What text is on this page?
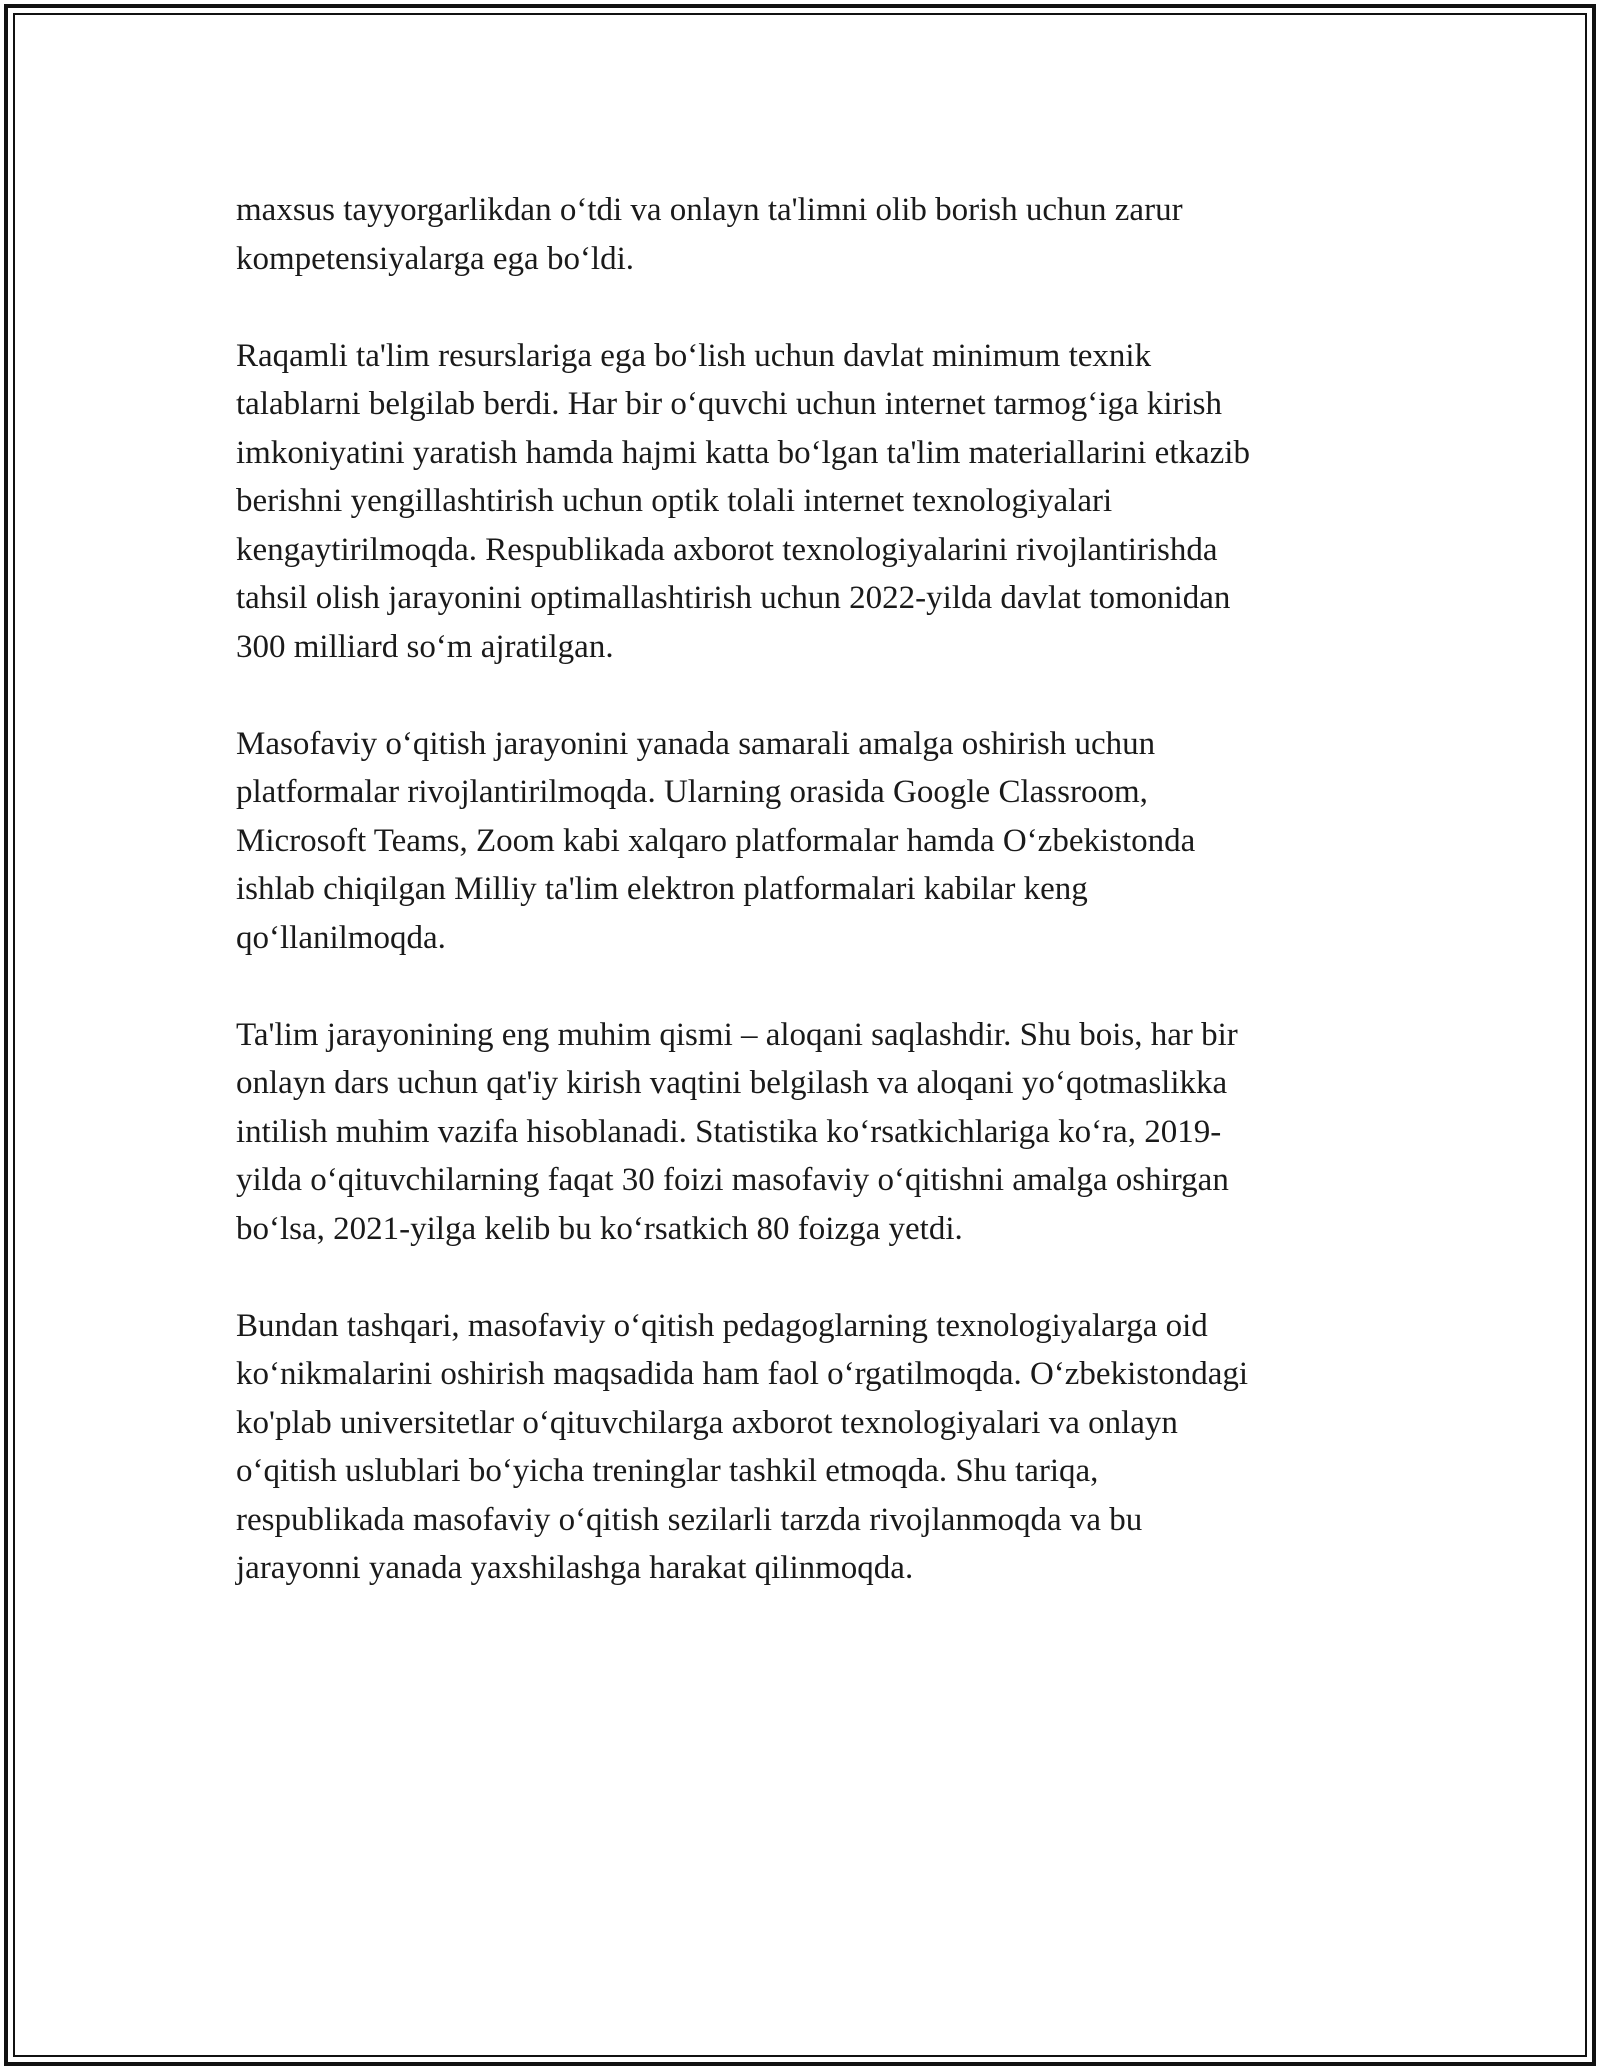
maxsus tayyorgarlikdan o‘tdi va onlayn ta'limni olib borish uchun zarur
kompetensiyalarga ega bo‘ldi.

Raqamli ta'lim resurslariga ega bo‘lish uchun davlat minimum texnik
talablarni belgilab berdi. Har bir o‘quvchi uchun internet tarmog‘iga kirish
imkoniyatini yaratish hamda hajmi katta bo‘lgan ta'lim materiallarini etkazib
berishni yengillashtirish uchun optik tolali internet texnologiyalari
kengaytirilmoqda. Respublikada axborot texnologiyalarini rivojlantirishda
tahsil olish jarayonini optimallashtirish uchun 2022-yilda davlat tomonidan
300 milliard so‘m ajratilgan.

Masofaviy o‘qitish jarayonini yanada samarali amalga oshirish uchun
platformalar rivojlantirilmoqda. Ularning orasida Google Classroom,
Microsoft Teams, Zoom kabi xalqaro platformalar hamda O‘zbekistonda
ishlab chiqilgan Milliy ta'lim elektron platformalari kabilar keng
qo‘llanilmoqda.

Ta'lim jarayonining eng muhim qismi – aloqani saqlashdir. Shu bois, har bir
onlayn dars uchun qat'iy kirish vaqtini belgilash va aloqani yo‘qotmaslikka
intilish muhim vazifa hisoblanadi. Statistika ko‘rsatkichlariga ko‘ra, 2019-
yilda o‘qituvchilarning faqat 30 foizi masofaviy o‘qitishni amalga oshirgan
bo‘lsa, 2021-yilga kelib bu ko‘rsatkich 80 foizga yetdi.

Bundan tashqari, masofaviy o‘qitish pedagoglarning texnologiyalarga oid
ko‘nikmalarini oshirish maqsadida ham faol o‘rgatilmoqda. O‘zbekistondagi
ko'plab universitetlar o‘qituvchilarga axborot texnologiyalari va onlayn
o‘qitish uslublari bo‘yicha treninglar tashkil etmoqda. Shu tariqa,
respublikada masofaviy o‘qitish sezilarli tarzda rivojlanmoqda va bu
jarayonni yanada yaxshilashga harakat qilinmoqda.
